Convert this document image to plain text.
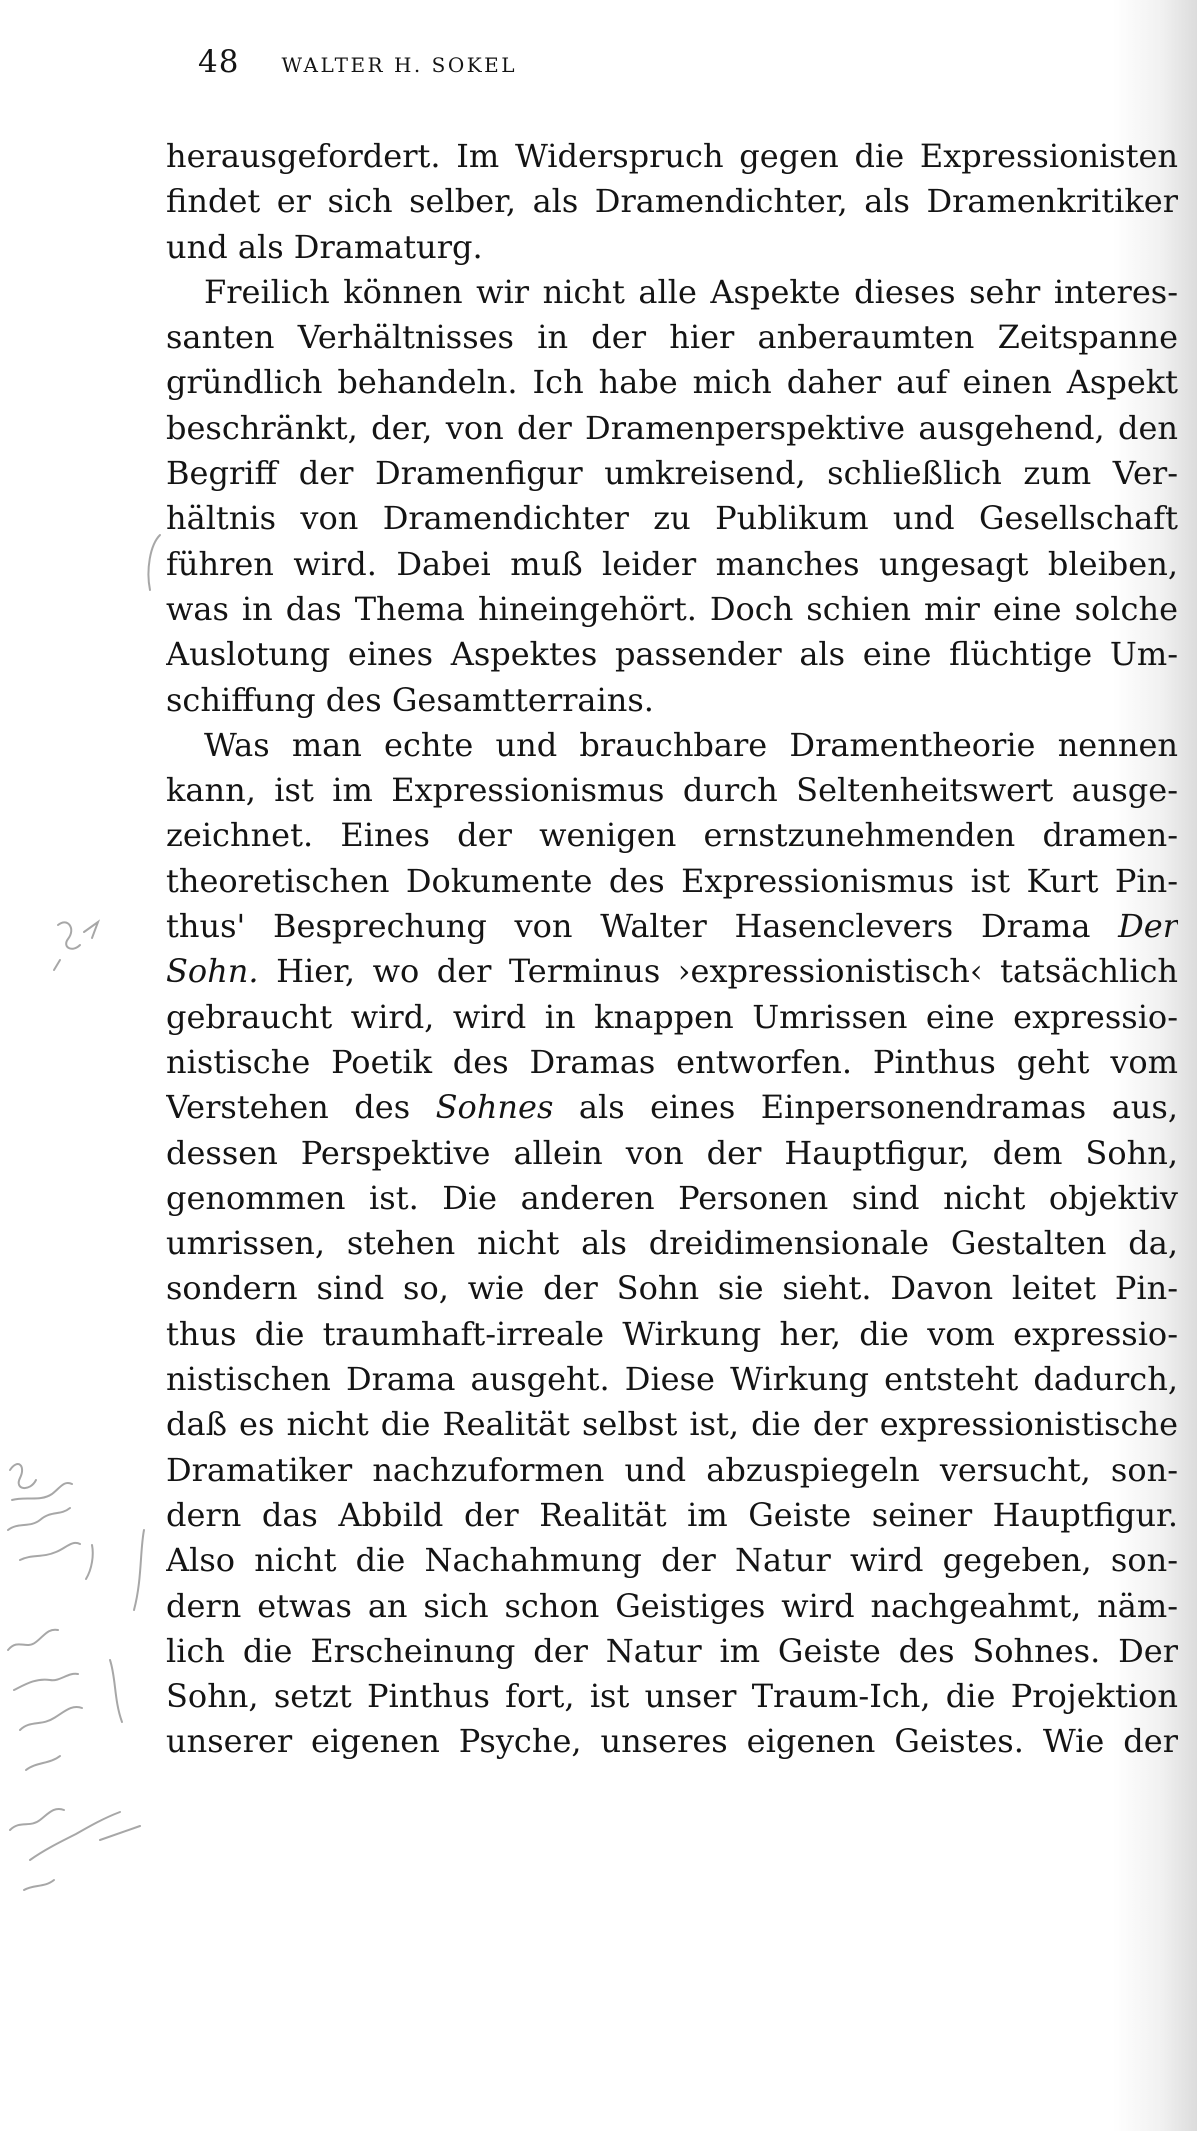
48 WALTER H. SOKEL
herausgefordert. Im Widerspruch gegen die Expressionisten
findet er sich selber, als Dramendichter, als Dramenkritiker
und als Dramaturg.
Freilich können wir nicht alle Aspekte dieses sehr interes-
santen Verhältnisses in der hier anberaumten Zeitspanne
gründlich behandeln. Ich habe mich daher auf einen Aspekt
beschränkt, der, von der Dramenperspektive ausgehend, den
Begriff der Dramenfigur umkreisend, schließlich zum Ver-
hältnis von Dramendichter zu Publikum und Gesellschaft
führen wird. Dabei muß leider manches ungesagt bleiben,
was in das Thema hineingehört. Doch schien mir eine solche
Auslotung eines Aspektes passender als eine flüchtige Um-
schiffung des Gesamtterrains.
Was man echte und brauchbare Dramentheorie nennen
kann, ist im Expressionismus durch Seltenheitswert ausge-
zeichnet. Eines der wenigen ernstzunehmenden dramen-
theoretischen Dokumente des Expressionismus ist Kurt Pin-
thus' Besprechung von Walter Hasenclevers Drama Der
Sohn. Hier, wo der Terminus ›expressionistisch‹ tatsächlich
gebraucht wird, wird in knappen Umrissen eine expressio-
nistische Poetik des Dramas entworfen. Pinthus geht vom
Verstehen des Sohnes als eines Einpersonendramas aus,
dessen Perspektive allein von der Hauptfigur, dem Sohn,
genommen ist. Die anderen Personen sind nicht objektiv
umrissen, stehen nicht als dreidimensionale Gestalten da,
sondern sind so, wie der Sohn sie sieht. Davon leitet Pin-
thus die traumhaft-irreale Wirkung her, die vom expressio-
nistischen Drama ausgeht. Diese Wirkung entsteht dadurch,
daß es nicht die Realität selbst ist, die der expressionistische
Dramatiker nachzuformen und abzuspiegeln versucht, son-
dern das Abbild der Realität im Geiste seiner Hauptfigur.
Also nicht die Nachahmung der Natur wird gegeben, son-
dern etwas an sich schon Geistiges wird nachgeahmt, näm-
lich die Erscheinung der Natur im Geiste des Sohnes. Der
Sohn, setzt Pinthus fort, ist unser Traum-Ich, die Projektion
unserer eigenen Psyche, unseres eigenen Geistes. Wie der
